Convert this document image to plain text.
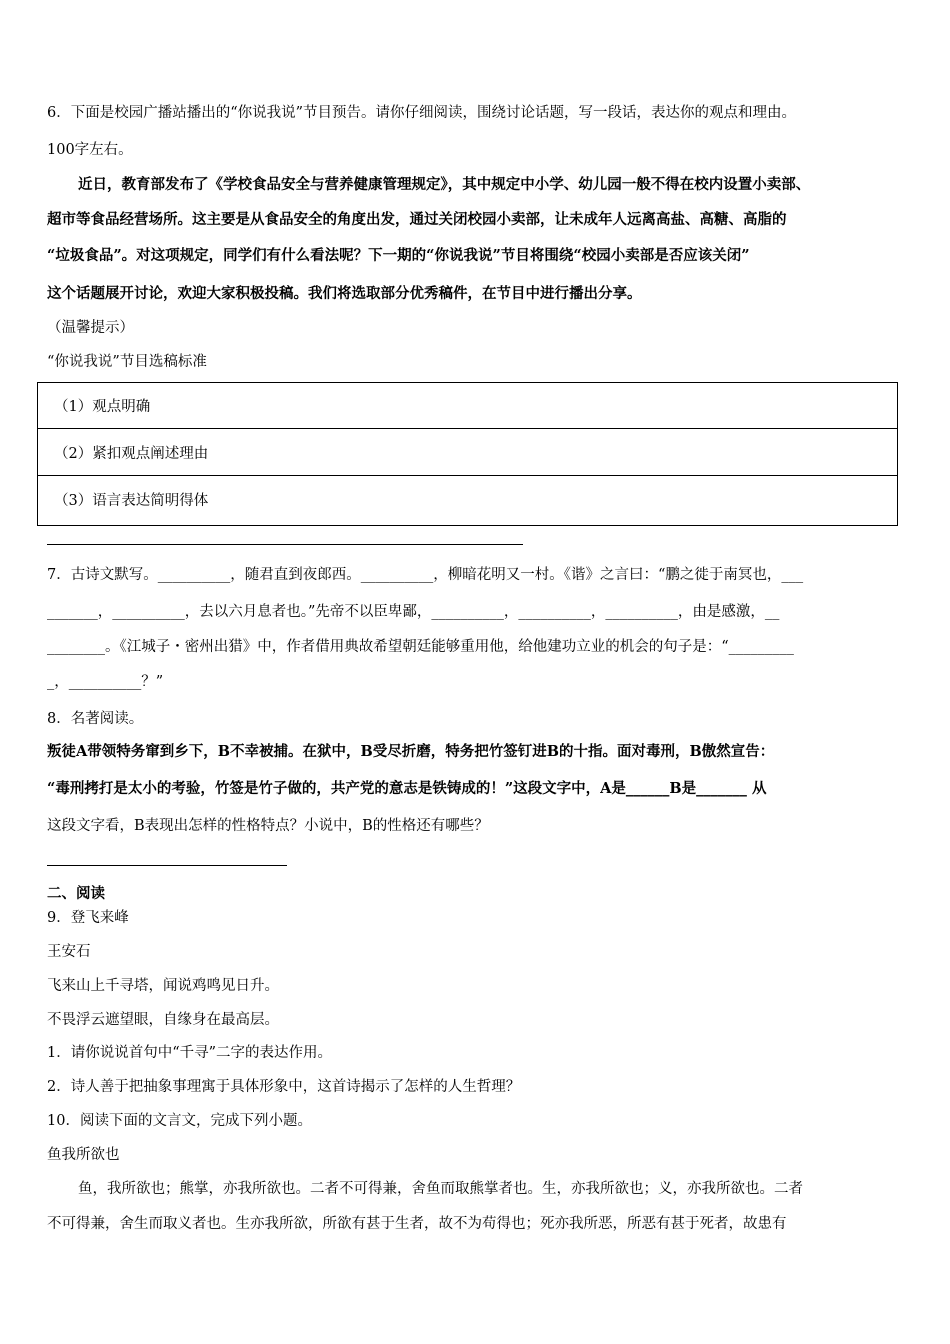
6．下面是校园广播站播出的“你说我说”节目预告。请你仔细阅读，围绕讨论话题，写一段话，表达你的观点和理由。
100字左右。
近日，教育部发布了《学校食品安全与营养健康管理规定》，其中规定中小学、幼儿园一般不得在校内设置小卖部、
超市等食品经营场所。这主要是从食品安全的角度出发，通过关闭校园小卖部，让未成年人远离高盐、高糖、高脂的
“垃圾食品”。对这项规定，同学们有什么看法呢？下一期的“你说我说”节目将围绕“校园小卖部是否应该关闭”
这个话题展开讨论，欢迎大家积极投稿。我们将选取部分优秀稿件，在节目中进行播出分享。
（温馨提示）
“你说我说”节目选稿标准
（1）观点明确
（2）紧扣观点阐述理由
（3）语言表达简明得体
7．古诗文默写。__________，随君直到夜郎西。__________，柳暗花明又一村。《谐》之言曰：“鹏之徙于南冥也，___
_______，__________，去以六月息者也。”先帝不以臣卑鄙，__________，__________，__________，由是感激，__
________。《江城子・密州出猎》中，作者借用典故希望朝廷能够重用他，给他建功立业的机会的句子是：“_________
_，__________？”
8．名著阅读。
叛徒A带领特务窜到乡下，B不幸被捕。在狱中，B受尽折磨，特务把竹签钉进B的十指。面对毒刑，B傲然宣告：
“毒刑拷打是太小的考验，竹签是竹子做的，共产党的意志是铁铸成的！”这段文字中，A是______B是_______ 从
这段文字看，B表现出怎样的性格特点？小说中，B的性格还有哪些？
二、阅读
9．登飞来峰
王安石
飞来山上千寻塔，闻说鸡鸣见日升。
不畏浮云遮望眼，自缘身在最高层。
1．请你说说首句中“千寻”二字的表达作用。
2．诗人善于把抽象事理寓于具体形象中，这首诗揭示了怎样的人生哲理？
10．阅读下面的文言文，完成下列小题。
鱼我所欲也
鱼，我所欲也；熊掌，亦我所欲也。二者不可得兼，舍鱼而取熊掌者也。生，亦我所欲也；义，亦我所欲也。二者
不可得兼，舍生而取义者也。生亦我所欲，所欲有甚于生者，故不为苟得也；死亦我所恶，所恶有甚于死者，故患有
